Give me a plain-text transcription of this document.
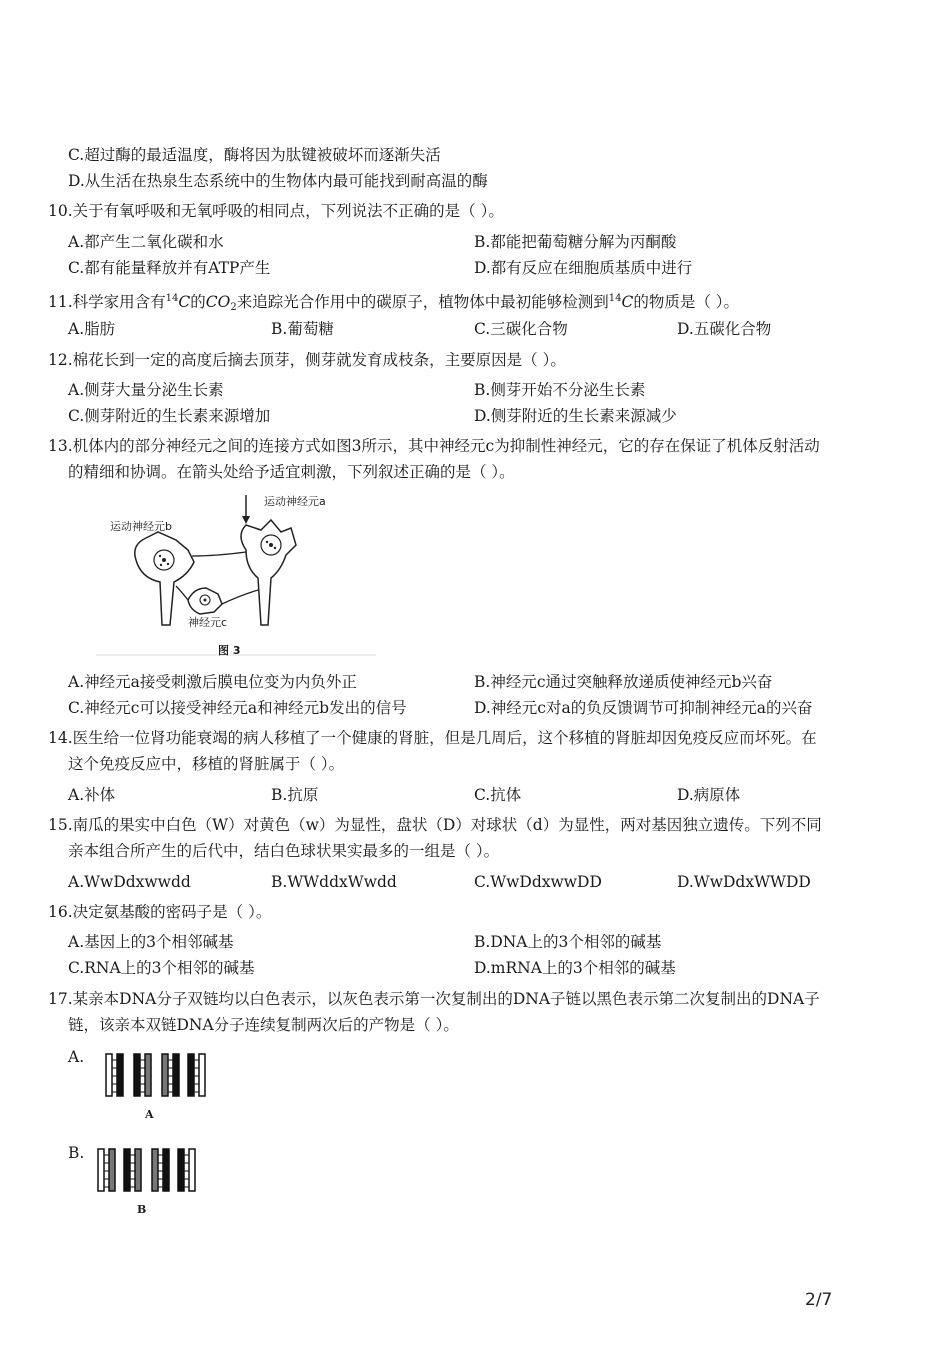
C.超过酶的最适温度，酶将因为肽键被破坏而逐渐失活
D.从生活在热泉生态系统中的生物体内最可能找到耐高温的酶
10.关于有氧呼吸和无氧呼吸的相同点，下列说法不正确的是（ ）。
A.都产生二氧化碳和水	B.都能把葡萄糖分解为丙酮酸
C.都有能量释放并有ATP产生	D.都有反应在细胞质基质中进行
11.科学家用含有$^{14}$C的$CO_2$来追踪光合作用中的碳原子，植物体中最初能够检测到$^{14}$C的物质是（ ）。
A.脂肪	B.葡萄糖	C.三碳化合物	D.五碳化合物
12.棉花长到一定的高度后摘去顶芽，侧芽就发育成枝条，主要原因是（ ）。
A.侧芽大量分泌生长素	B.侧芽开始不分泌生长素
C.侧芽附近的生长素来源增加	D.侧芽附近的生长素来源减少
13.机体内的部分神经元之间的连接方式如图3所示，其中神经元c为抑制性神经元，它的存在保证了机体反射活动
的精细和协调。在箭头处给予适宜刺激，下列叙述正确的是（ ）。
运动神经元a
运动神经元b
神经元c
图 3
A.神经元a接受刺激后膜电位变为内负外正	B.神经元c通过突触释放递质使神经元b兴奋
C.神经元c可以接受神经元a和神经元b发出的信号	D.神经元c对a的负反馈调节可抑制神经元a的兴奋
14.医生给一位肾功能衰竭的病人移植了一个健康的肾脏，但是几周后，这个移植的肾脏却因免疫反应而坏死。在
这个免疫反应中，移植的肾脏属于（ ）。
A.补体	B.抗原	C.抗体	D.病原体
15.南瓜的果实中白色（W）对黄色（w）为显性，盘状（D）对球状（d）为显性，两对基因独立遗传。下列不同
亲本组合所产生的后代中，结白色球状果实最多的一组是（ ）。
A.WwDdxwwdd	B.WWddxWwdd	C.WwDdxwwDD	D.WwDdxWWDD
16.决定氨基酸的密码子是（ ）。
A.基因上的3个相邻碱基	B.DNA上的3个相邻的碱基
C.RNA上的3个相邻的碱基	D.mRNA上的3个相邻的碱基
17.某亲本DNA分子双链均以白色表示，以灰色表示第一次复制出的DNA子链以黑色表示第二次复制出的DNA子
链，该亲本双链DNA分子连续复制两次后的产物是（ ）。
A.
A
B.
B
2/7
